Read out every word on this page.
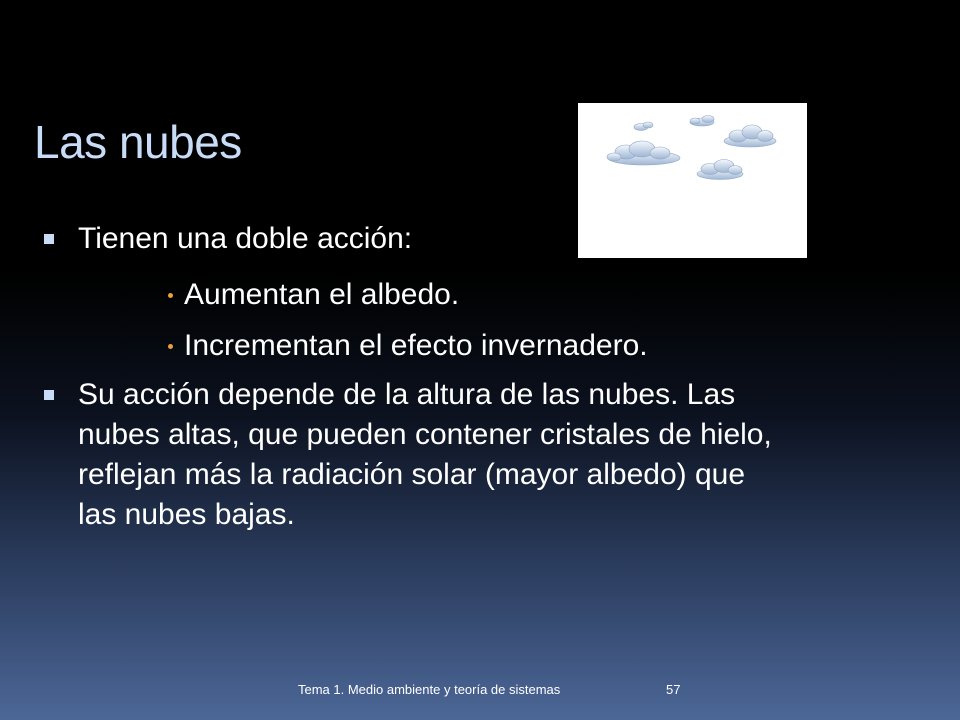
Las nubes
Tienen una doble acción:
Aumentan el albedo.
Incrementan el efecto invernadero.
Su acción depende de la altura de las nubes. Las nubes altas, que pueden contener cristales de hielo, reflejan más la radiación solar (mayor albedo) que las nubes bajas.
Tema 1. Medio ambiente y teoría de sistemas	57
